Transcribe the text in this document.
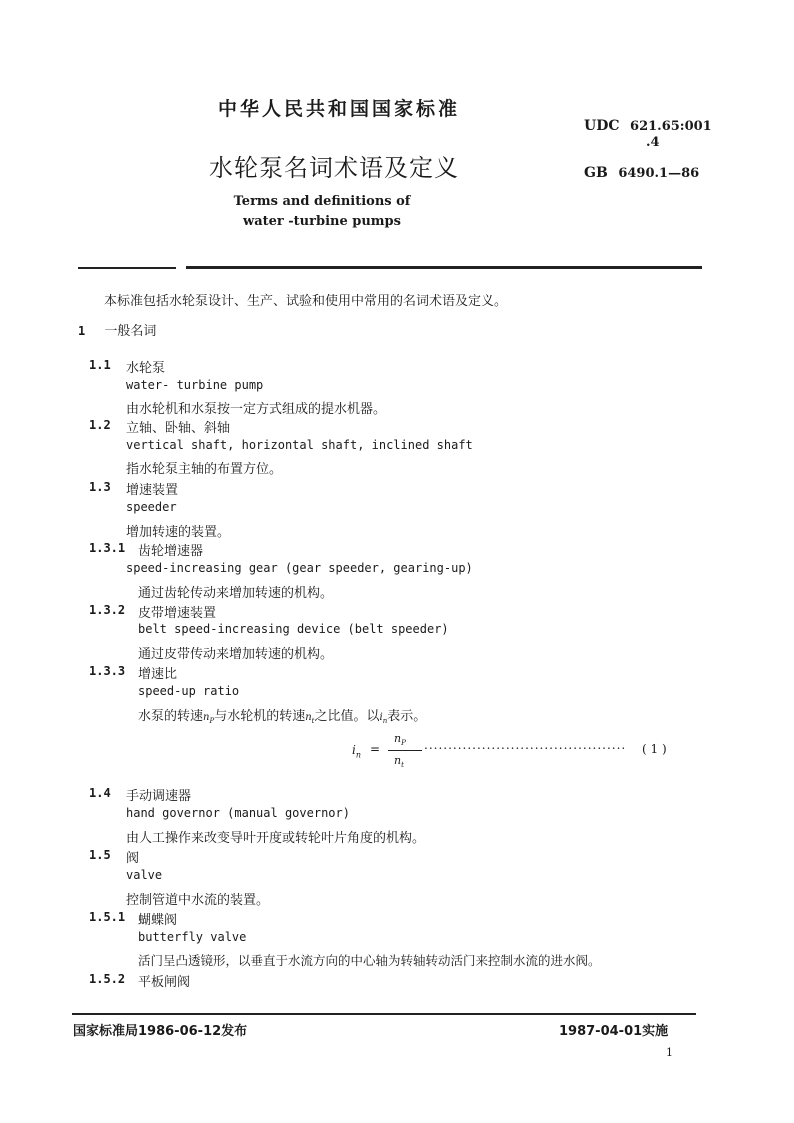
中华人民共和国国家标准
水轮泵名词术语及定义
Terms and definitions of
water -turbine pumps
UDC 621.65:001
.4
GB 6490.1—86
本标准包括水轮泵设计、生产、试验和使用中常用的名词术语及定义。
1 一般名词
1.1 水轮泵
water- turbine pump
由水轮机和水泵按一定方式组成的提水机器。
1.2 立轴、卧轴、斜轴
vertical shaft, horizontal shaft, inclined shaft
指水轮泵主轴的布置方位。
1.3 增速装置
speeder
增加转速的装置。
1.3.1 齿轮增速器
speed-increasing gear (gear speeder, gearing-up)
通过齿轮传动来增加转速的机构。
1.3.2 皮带增速装置
belt speed-increasing device (belt speeder)
通过皮带传动来增加转速的机构。
1.3.3 增速比
speed-up ratio
水泵的转速$n_P$与水轮机的转速$n_t$之比值。以$i_n$表示。
$i_n$ =
$n_P$
$n_t$
.......................................... ( 1 )
1.4 手动调速器
hand governor (manual governor)
由人工操作来改变导叶开度或转轮叶片角度的机构。
1.5 阀
valve
控制管道中水流的装置。
1.5.1 蝴蝶阀
butterfly valve
活门呈凸透镜形，以垂直于水流方向的中心轴为转轴转动活门来控制水流的进水阀。
1.5.2 平板闸阀
国家标准局1986-06-12发布	1987-04-01实施
1
